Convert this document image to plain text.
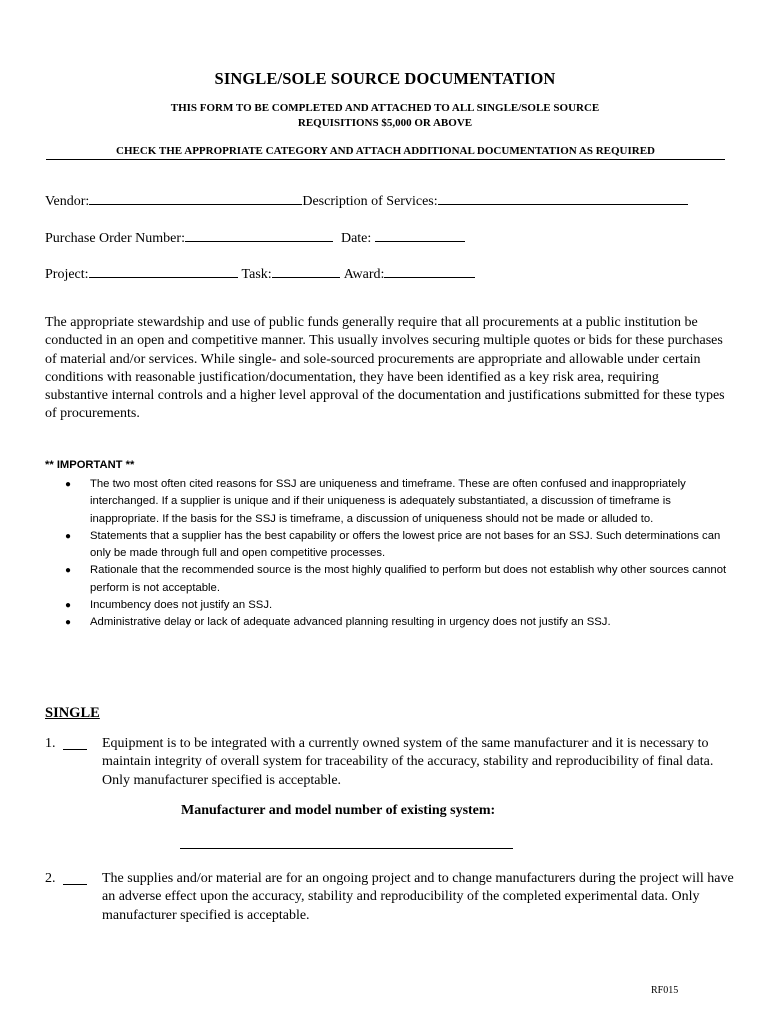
SINGLE/SOLE SOURCE DOCUMENTATION
THIS FORM TO BE COMPLETED AND ATTACHED TO ALL SINGLE/SOLE SOURCE
REQUISITIONS $5,000 OR ABOVE
CHECK THE APPROPRIATE CATEGORY AND ATTACH ADDITIONAL DOCUMENTATION AS REQUIRED
Vendor:	Description of Services:
Purchase Order Number:	Date:
Project:	Task:	Award:
The appropriate stewardship and use of public funds generally require that all procurements at a public institution be conducted in an open and competitive manner. This usually involves securing multiple quotes or bids for these purchases of material and/or services. While single- and sole-sourced procurements are appropriate and allowable under certain conditions with reasonable justification/documentation, they have been identified as a key risk area, requiring substantive internal controls and a higher level approval of the documentation and justifications submitted for these types of procurements.
** IMPORTANT **
● The two most often cited reasons for SSJ are uniqueness and timeframe. These are often confused and inappropriately interchanged. If a supplier is unique and if their uniqueness is adequately substantiated, a discussion of timeframe is inappropriate. If the basis for the SSJ is timeframe, a discussion of uniqueness should not be made or alluded to.
● Statements that a supplier has the best capability or offers the lowest price are not bases for an SSJ. Such determinations can only be made through full and open competitive processes.
● Rationale that the recommended source is the most highly qualified to perform but does not establish why other sources cannot perform is not acceptable.
● Incumbency does not justify an SSJ.
● Administrative delay or lack of adequate advanced planning resulting in urgency does not justify an SSJ.
SINGLE
1.	Equipment is to be integrated with a currently owned system of the same manufacturer and it is necessary to maintain integrity of overall system for traceability of the accuracy, stability and reproducibility of final data. Only manufacturer specified is acceptable.
Manufacturer and model number of existing system:
2.	The supplies and/or material are for an ongoing project and to change manufacturers during the project will have an adverse effect upon the accuracy, stability and reproducibility of the completed experimental data. Only manufacturer specified is acceptable.
RF015
